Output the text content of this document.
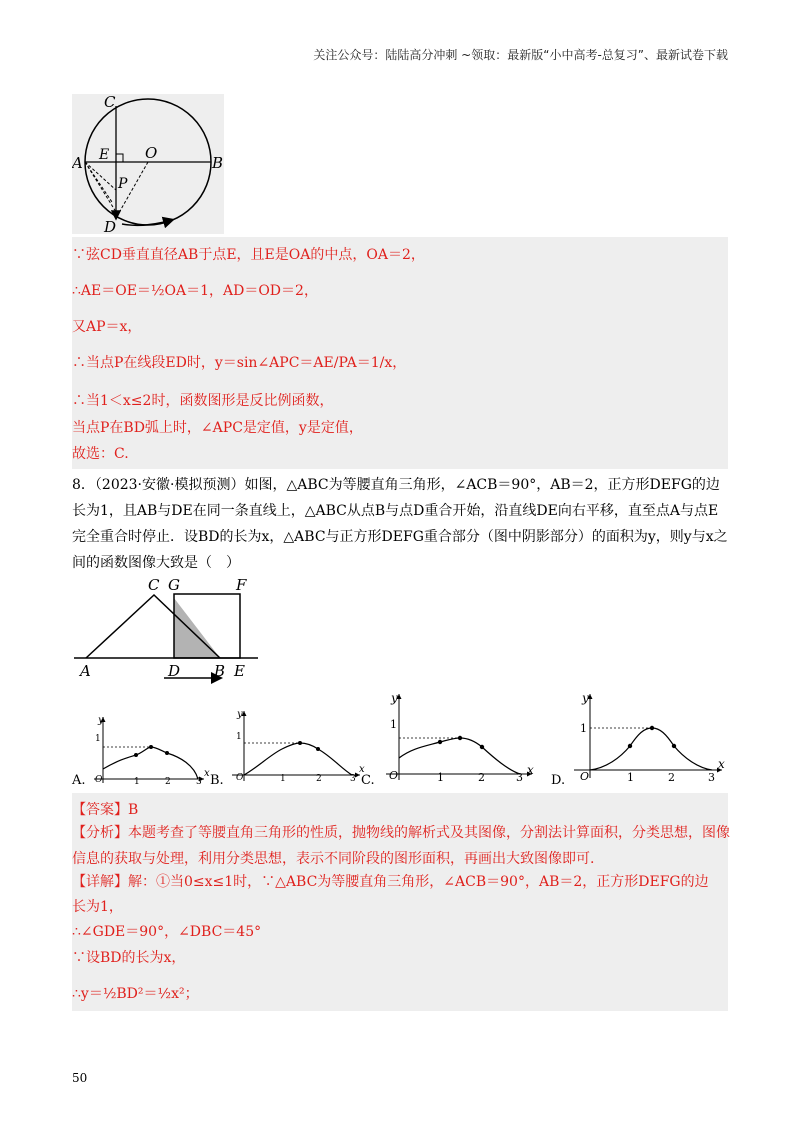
关注公众号：陆陆高分冲刺 ~领取：最新版“小中高考-总复习”、最新试卷下载
C
E O
A	B
P
D
∵弦CD垂直直径AB于点E，且E是OA的中点，OA＝2，
∴AE＝OE＝½OA＝1，AD＝OD＝2，
又AP＝x，
∴当点P在线段ED时，y＝sin∠APC＝AE/PA＝1/x，
∴当1＜x≤2时，函数图形是反比例函数，
当点P在BD弧上时，∠APC是定值，y是定值，
故选：C.
8．（2023·安徽·模拟预测）如图，△ABC为等腰直角三角形，∠ACB＝90°，AB＝2，正方形DEFG的边长为1，且AB与DE在同一条直线上，△ABC从点B与点D重合开始，沿直线DE向右平移，直至点A与点E完全重合时停止．设BD的长为x，△ABC与正方形DEFG重合部分（图中阴影部分）的面积为y，则y与x之间的函数图像大致是（　）
C G	F
A	D B E
A.
y
1
O	1	2	3
x B.
y
1
O	1	2	3
x
C.
y
1
O	1	2	3
x
D.
y
1
O	1	2	3
x
【答案】B
【分析】本题考查了等腰直角三角形的性质，抛物线的解析式及其图像，分割法计算面积，分类思想，图像信息的获取与处理，利用分类思想，表示不同阶段的图形面积，再画出大致图像即可.
【详解】解：①当0≤x≤1时，∵△ABC为等腰直角三角形，∠ACB＝90°，AB＝2，正方形DEFG的边
长为1，
∴∠GDE＝90°，∠DBC＝45°
∵设BD的长为x，
∴y＝½BD²＝½x²；
50
